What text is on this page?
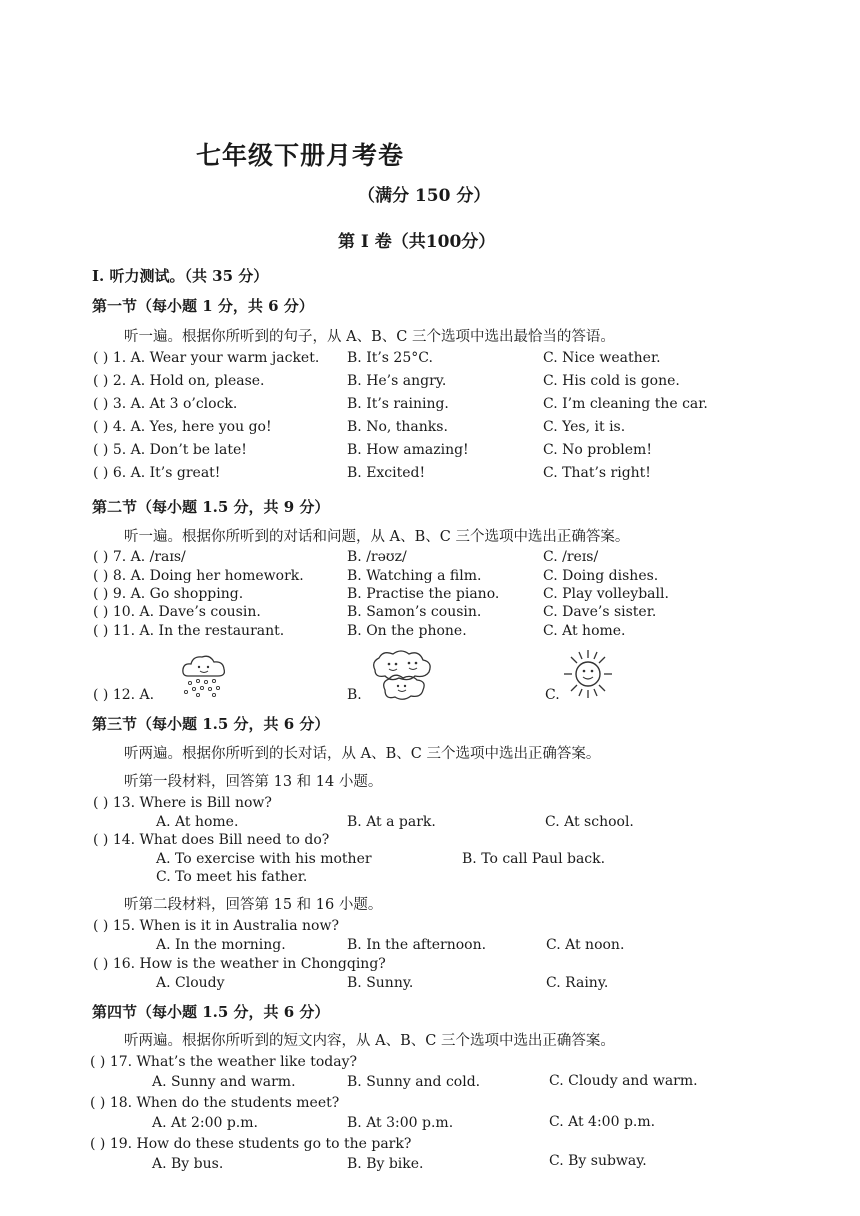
七年级下册月考卷
（满分 150 分）
第 I 卷（共100分）
I. 听力测试。（共 35 分）
第一节（每小题 1 分，共 6 分）
听一遍。根据你所听到的句子，从 A、B、C 三个选项中选出最恰当的答语。
( ) 1. A. Wear your warm jacket. B. It’s 25°C.	C. Nice weather.
( ) 2. A. Hold on, please.	B. He’s angry.	C. His cold is gone.
( ) 3. A. At 3 o’clock.	B. It’s raining.	C. I’m cleaning the car.
( ) 4. A. Yes, here you go!	B. No, thanks.	C. Yes, it is.
( ) 5. A. Don’t be late!	B. How amazing!	C. No problem!
( ) 6. A. It’s great!	B. Excited!	C. That’s right!
第二节（每小题 1.5 分，共 9 分）
听一遍。根据你所听到的对话和问题，从 A、B、C 三个选项中选出正确答案。
( ) 7. A. /raɪs/	B. /rəʊz/	C. /reɪs/
( ) 8. A. Doing her homework.	B. Watching a film.	C. Doing dishes.
( ) 9. A. Go shopping.	B. Practise the piano.	C. Play volleyball.
( ) 10. A. Dave’s cousin.	B. Samon’s cousin.	C. Dave’s sister.
( ) 11. A. In the restaurant.	B. On the phone.	C. At home.
( ) 12. A.	B.	C.
第三节（每小题 1.5 分，共 6 分）
听两遍。根据你所听到的长对话，从 A、B、C 三个选项中选出正确答案。
听第一段材料，回答第 13 和 14 小题。
( ) 13. Where is Bill now?
A. At home.	B. At a park.	C. At school.
( ) 14. What does Bill need to do?
A. To exercise with his mother	B. To call Paul back.
C. To meet his father.
听第二段材料，回答第 15 和 16 小题。
( ) 15. When is it in Australia now?
A. In the morning.	B. In the afternoon.	C. At noon.
( ) 16. How is the weather in Chongqing?
A. Cloudy	B. Sunny.	C. Rainy.
第四节（每小题 1.5 分，共 6 分）
听两遍。根据你所听到的短文内容，从 A、B、C 三个选项中选出正确答案。
( ) 17. What’s the weather like today?
A. Sunny and warm.	B. Sunny and cold.	C. Cloudy and warm.
( ) 18. When do the students meet?
A. At 2:00 p.m.	B. At 3:00 p.m.	C. At 4:00 p.m.
( ) 19. How do these students go to the park?
A. By bus.	B. By bike.	C. By subway.
